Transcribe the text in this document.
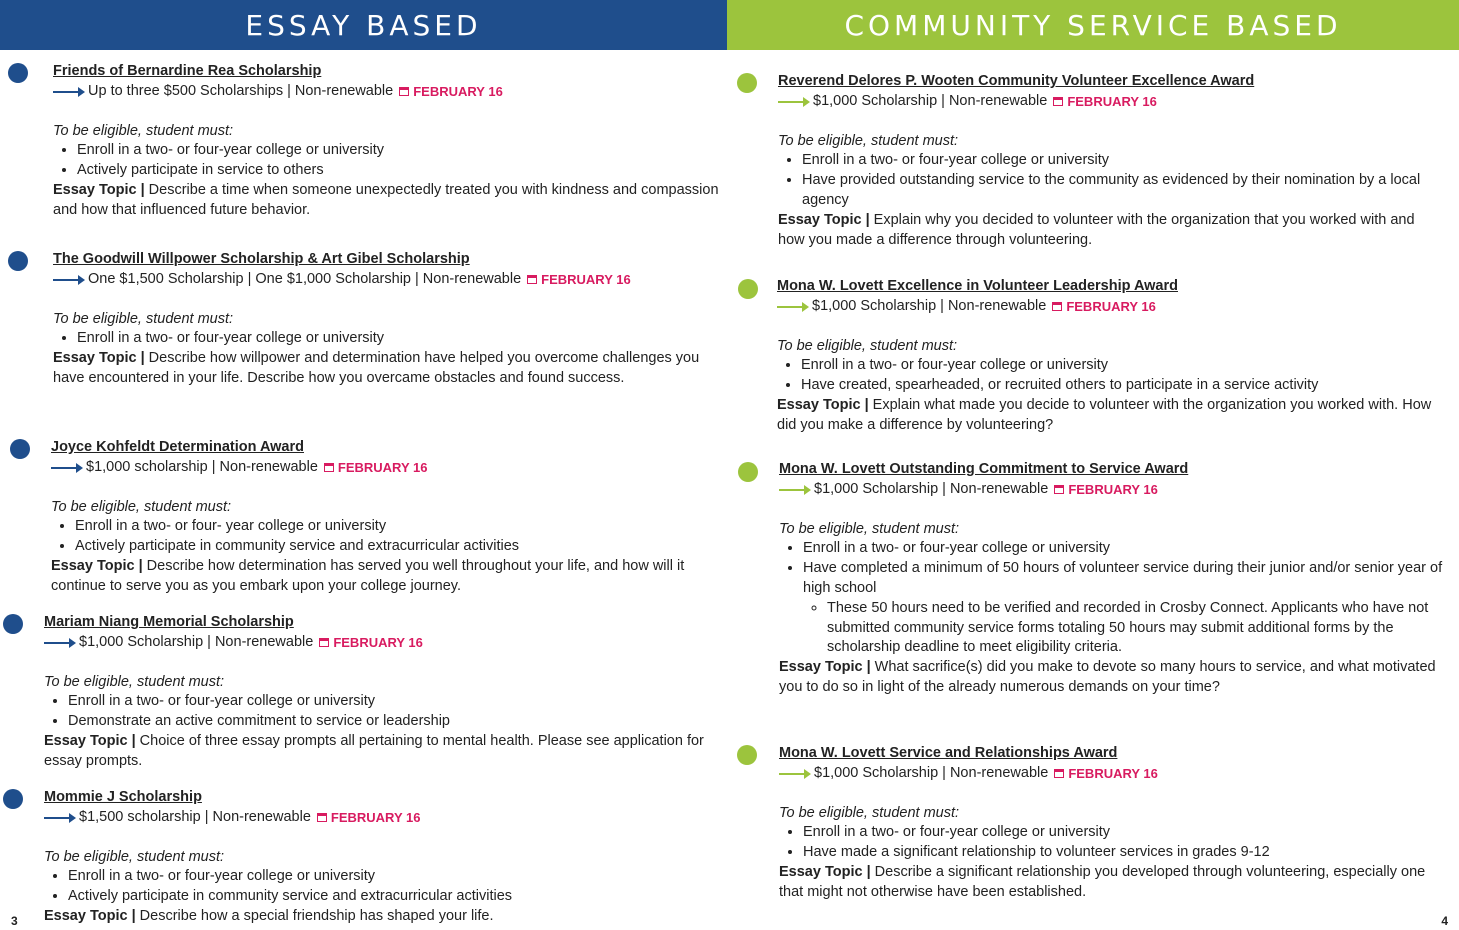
ESSAY BASED	COMMUNITY SERVICE BASED
Friends of Bernardine Rea Scholarship
Up to three $500 Scholarships | Non-renewable FEBRUARY 16
To be eligible, student must:
• Enroll in a two- or four-year college or university
• Actively participate in service to others
Essay Topic | Describe a time when someone unexpectedly treated you with kindness and compassion and how that influenced future behavior.
The Goodwill Willpower Scholarship & Art Gibel Scholarship
One $1,500 Scholarship | One $1,000 Scholarship | Non-renewable FEBRUARY 16
To be eligible, student must:
• Enroll in a two- or four-year college or university
Essay Topic | Describe how willpower and determination have helped you overcome challenges you have encountered in your life. Describe how you overcame obstacles and found success.
Joyce Kohfeldt Determination Award
$1,000 scholarship | Non-renewable FEBRUARY 16
To be eligible, student must:
• Enroll in a two- or four- year college or university
• Actively participate in community service and extracurricular activities
Essay Topic | Describe how determination has served you well throughout your life, and how will it continue to serve you as you embark upon your college journey.
Mariam Niang Memorial Scholarship
$1,000 Scholarship | Non-renewable FEBRUARY 16
To be eligible, student must:
• Enroll in a two- or four-year college or university
• Demonstrate an active commitment to service or leadership
Essay Topic | Choice of three essay prompts all pertaining to mental health. Please see application for essay prompts.
Mommie J Scholarship
$1,500 scholarship | Non-renewable FEBRUARY 16
To be eligible, student must:
• Enroll in a two- or four-year college or university
• Actively participate in community service and extracurricular activities
Essay Topic | Describe how a special friendship has shaped your life.
Reverend Delores P. Wooten Community Volunteer Excellence Award
$1,000 Scholarship | Non-renewable FEBRUARY 16
To be eligible, student must:
• Enroll in a two- or four-year college or university
• Have provided outstanding service to the community as evidenced by their nomination by a local agency
Essay Topic | Explain why you decided to volunteer with the organization that you worked with and how you made a difference through volunteering.
Mona W. Lovett Excellence in Volunteer Leadership Award
$1,000 Scholarship | Non-renewable FEBRUARY 16
To be eligible, student must:
• Enroll in a two- or four-year college or university
• Have created, spearheaded, or recruited others to participate in a service activity
Essay Topic | Explain what made you decide to volunteer with the organization you worked with. How did you make a difference by volunteering?
Mona W. Lovett Outstanding Commitment to Service Award
$1,000 Scholarship | Non-renewable FEBRUARY 16
To be eligible, student must:
• Enroll in a two- or four-year college or university
• Have completed a minimum of 50 hours of volunteer service during their junior and/or senior year of high school
◦ These 50 hours need to be verified and recorded in Crosby Connect. Applicants who have not submitted community service forms totaling 50 hours may submit additional forms by the scholarship deadline to meet eligibility criteria.
Essay Topic | What sacrifice(s) did you make to devote so many hours to service, and what motivated you to do so in light of the already numerous demands on your time?
Mona W. Lovett Service and Relationships Award
$1,000 Scholarship | Non-renewable FEBRUARY 16
To be eligible, student must:
• Enroll in a two- or four-year college or university
• Have made a significant relationship to volunteer services in grades 9-12
Essay Topic | Describe a significant relationship you developed through volunteering, especially one that might not otherwise have been established.
3	4
